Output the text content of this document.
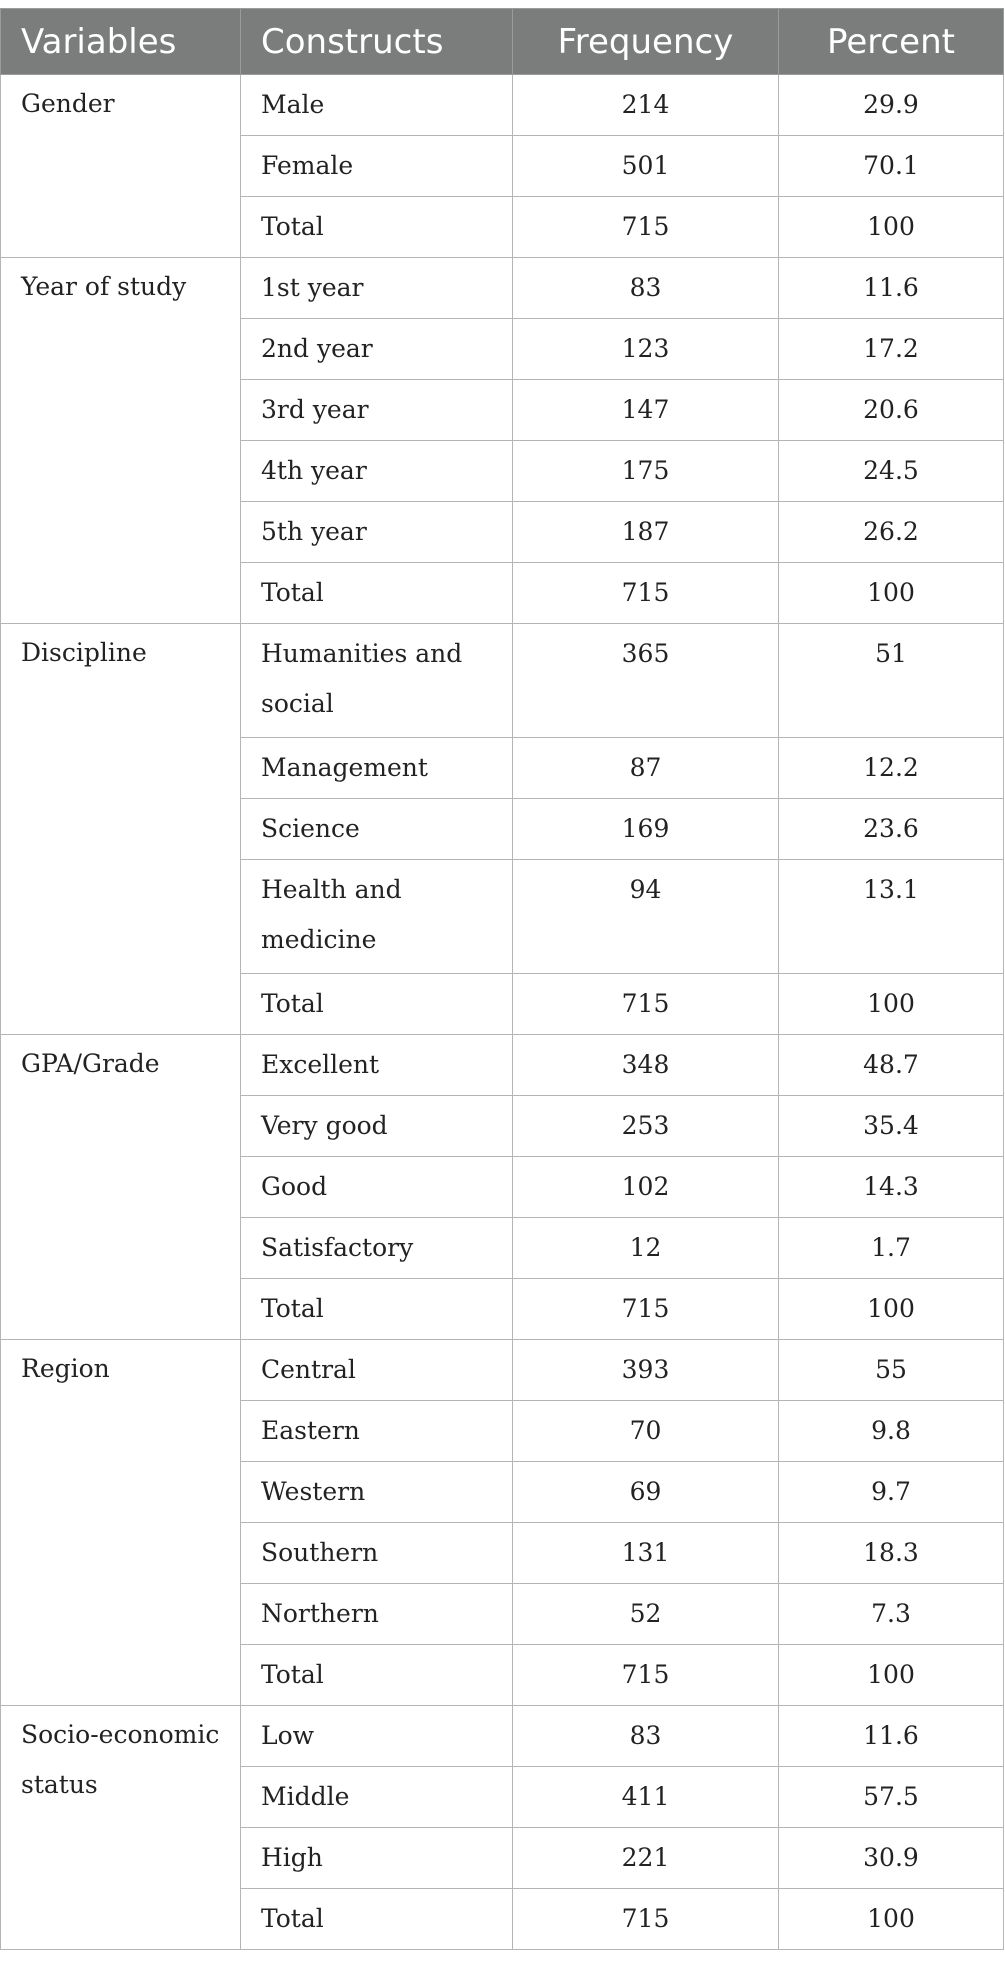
Variables	Constructs	Frequency	Percent
Gender	Male	214	29.9
	Female	501	70.1
	Total	715	100
Year of study	1st year	83	11.6
	2nd year	123	17.2
	3rd year	147	20.6
	4th year	175	24.5
	5th year	187	26.2
	Total	715	100
Discipline	Humanities and social	365	51
	Management	87	12.2
	Science	169	23.6
	Health and medicine	94	13.1
	Total	715	100
GPA/Grade	Excellent	348	48.7
	Very good	253	35.4
	Good	102	14.3
	Satisfactory	12	1.7
	Total	715	100
Region	Central	393	55
	Eastern	70	9.8
	Western	69	9.7
	Southern	131	18.3
	Northern	52	7.3
	Total	715	100
Socio-economic status	Low	83	11.6
	Middle	411	57.5
	High	221	30.9
	Total	715	100
